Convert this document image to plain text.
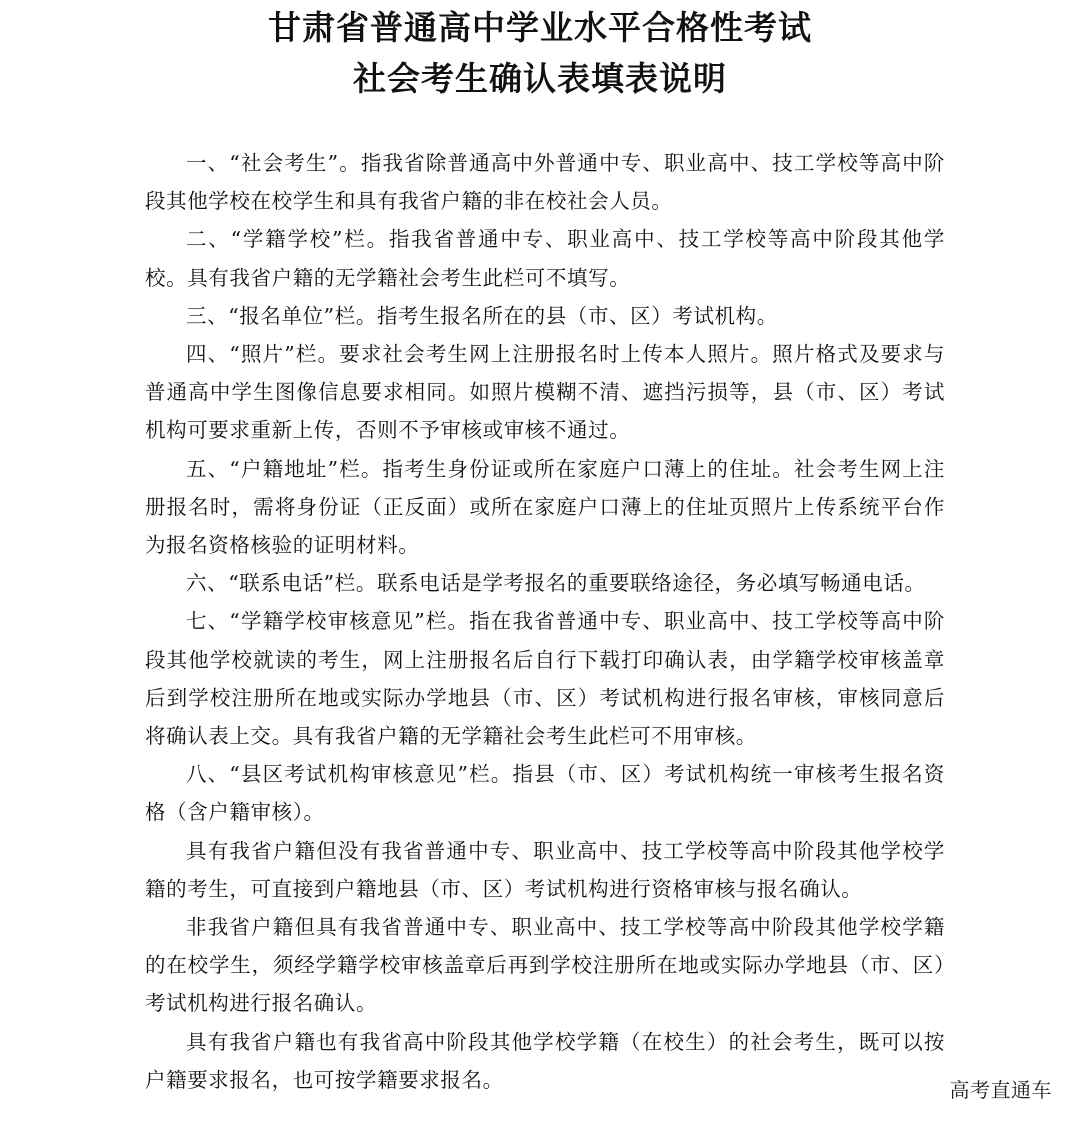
甘肃省普通高中学业水平合格性考试
社会考生确认表填表说明

一、“社会考生”。指我省除普通高中外普通中专、职业高中、技工学校等高中阶段其他学校在校学生和具有我省户籍的非在校社会人员。

二、“学籍学校”栏。指我省普通中专、职业高中、技工学校等高中阶段其他学校。具有我省户籍的无学籍社会考生此栏可不填写。

三、“报名单位”栏。指考生报名所在的县（市、区）考试机构。

四、“照片”栏。要求社会考生网上注册报名时上传本人照片。照片格式及要求与普通高中学生图像信息要求相同。如照片模糊不清、遮挡污损等，县（市、区）考试机构可要求重新上传，否则不予审核或审核不通过。

五、“户籍地址”栏。指考生身份证或所在家庭户口薄上的住址。社会考生网上注册报名时，需将身份证（正反面）或所在家庭户口薄上的住址页照片上传系统平台作为报名资格核验的证明材料。

六、“联系电话”栏。联系电话是学考报名的重要联络途径，务必填写畅通电话。

七、“学籍学校审核意见”栏。指在我省普通中专、职业高中、技工学校等高中阶段其他学校就读的考生，网上注册报名后自行下载打印确认表，由学籍学校审核盖章后到学校注册所在地或实际办学地县（市、区）考试机构进行报名审核，审核同意后将确认表上交。具有我省户籍的无学籍社会考生此栏可不用审核。

八、“县区考试机构审核意见”栏。指县（市、区）考试机构统一审核考生报名资格（含户籍审核）。

具有我省户籍但没有我省普通中专、职业高中、技工学校等高中阶段其他学校学籍的考生，可直接到户籍地县（市、区）考试机构进行资格审核与报名确认。

非我省户籍但具有我省普通中专、职业高中、技工学校等高中阶段其他学校学籍的在校学生，须经学籍学校审核盖章后再到学校注册所在地或实际办学地县（市、区）考试机构进行报名确认。

具有我省户籍也有我省高中阶段其他学校学籍（在校生）的社会考生，既可以按户籍要求报名，也可按学籍要求报名。	高考直通车
